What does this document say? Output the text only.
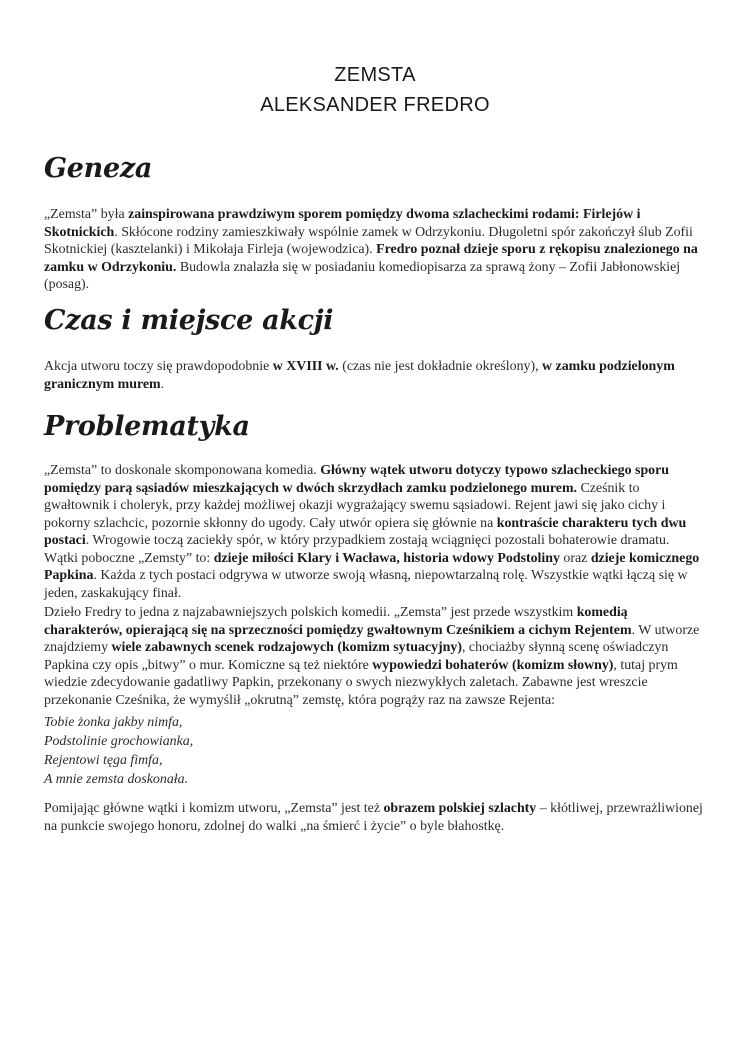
ZEMSTA
ALEKSANDER FREDRO
Geneza
„Zemsta” była zainspirowana prawdziwym sporem pomiędzy dwoma szlacheckimi rodami: Firlejów i Skotnickich. Skłócone rodziny zamieszkiwały wspólnie zamek w Odrzykoniu. Długoletni spór zakończył ślub Zofii Skotnickiej (kasztelanki) i Mikołaja Firleja (wojewodzica). Fredro poznał dzieje sporu z rękopisu znalezionego na zamku w Odrzykoniu. Budowla znalazła się w posiadaniu komediopisarza za sprawą żony – Zofii Jabłonowskiej (posag).
Czas i miejsce akcji
Akcja utworu toczy się prawdopodobnie w XVIII w. (czas nie jest dokładnie określony), w zamku podzielonym granicznym murem.
Problematyka
„Zemsta” to doskonale skomponowana komedia. Główny wątek utworu dotyczy typowo szlacheckiego sporu pomiędzy parą sąsiadów mieszkających w dwóch skrzydłach zamku podzielonego murem. Cześnik to gwałtownik i choleryk, przy każdej możliwej okazji wygrażający swemu sąsiadowi. Rejent jawi się jako cichy i pokorny szlachcic, pozornie skłonny do ugody. Cały utwór opiera się głównie na kontraście charakteru tych dwu postaci. Wrogowie toczą zaciekły spór, w który przypadkiem zostają wciągnięci pozostali bohaterowie dramatu. Wątki poboczne „Zemsty” to: dzieje miłości Klary i Wacława, historia wdowy Podstoliny oraz dzieje komicznego Papkina. Każda z tych postaci odgrywa w utworze swoją własną, niepowtarzalną rolę. Wszystkie wątki łączą się w jeden, zaskakujący finał.
Dzieło Fredry to jedna z najzabawniejszych polskich komedii. „Zemsta” jest przede wszystkim komedią charakterów, opierającą się na sprzeczności pomiędzy gwałtownym Cześnikiem a cichym Rejentem. W utworze znajdziemy wiele zabawnych scenek rodzajowych (komizm sytuacyjny), chociażby słynną scenę oświadczyn Papkina czy opis „bitwy” o mur. Komiczne są też niektóre wypowiedzi bohaterów (komizm słowny), tutaj prym wiedzie zdecydowanie gadatliwy Papkin, przekonany o swych niezwykłych zaletach. Zabawne jest wreszcie przekonanie Cześnika, że wymyślił „okrutną” zemstę, która pogrąży raz na zawsze Rejenta:
Tobie żonka jakby nimfa,
Podstolinie grochowianka,
Rejentowi tęga fimfa,
A mnie zemsta doskonała.
Pomijając główne wątki i komizm utworu, „Zemsta” jest też obrazem polskiej szlachty – kłótliwej, przewrażliwionej na punkcie swojego honoru, zdolnej do walki „na śmierć i życie” o byle błahostkę.
